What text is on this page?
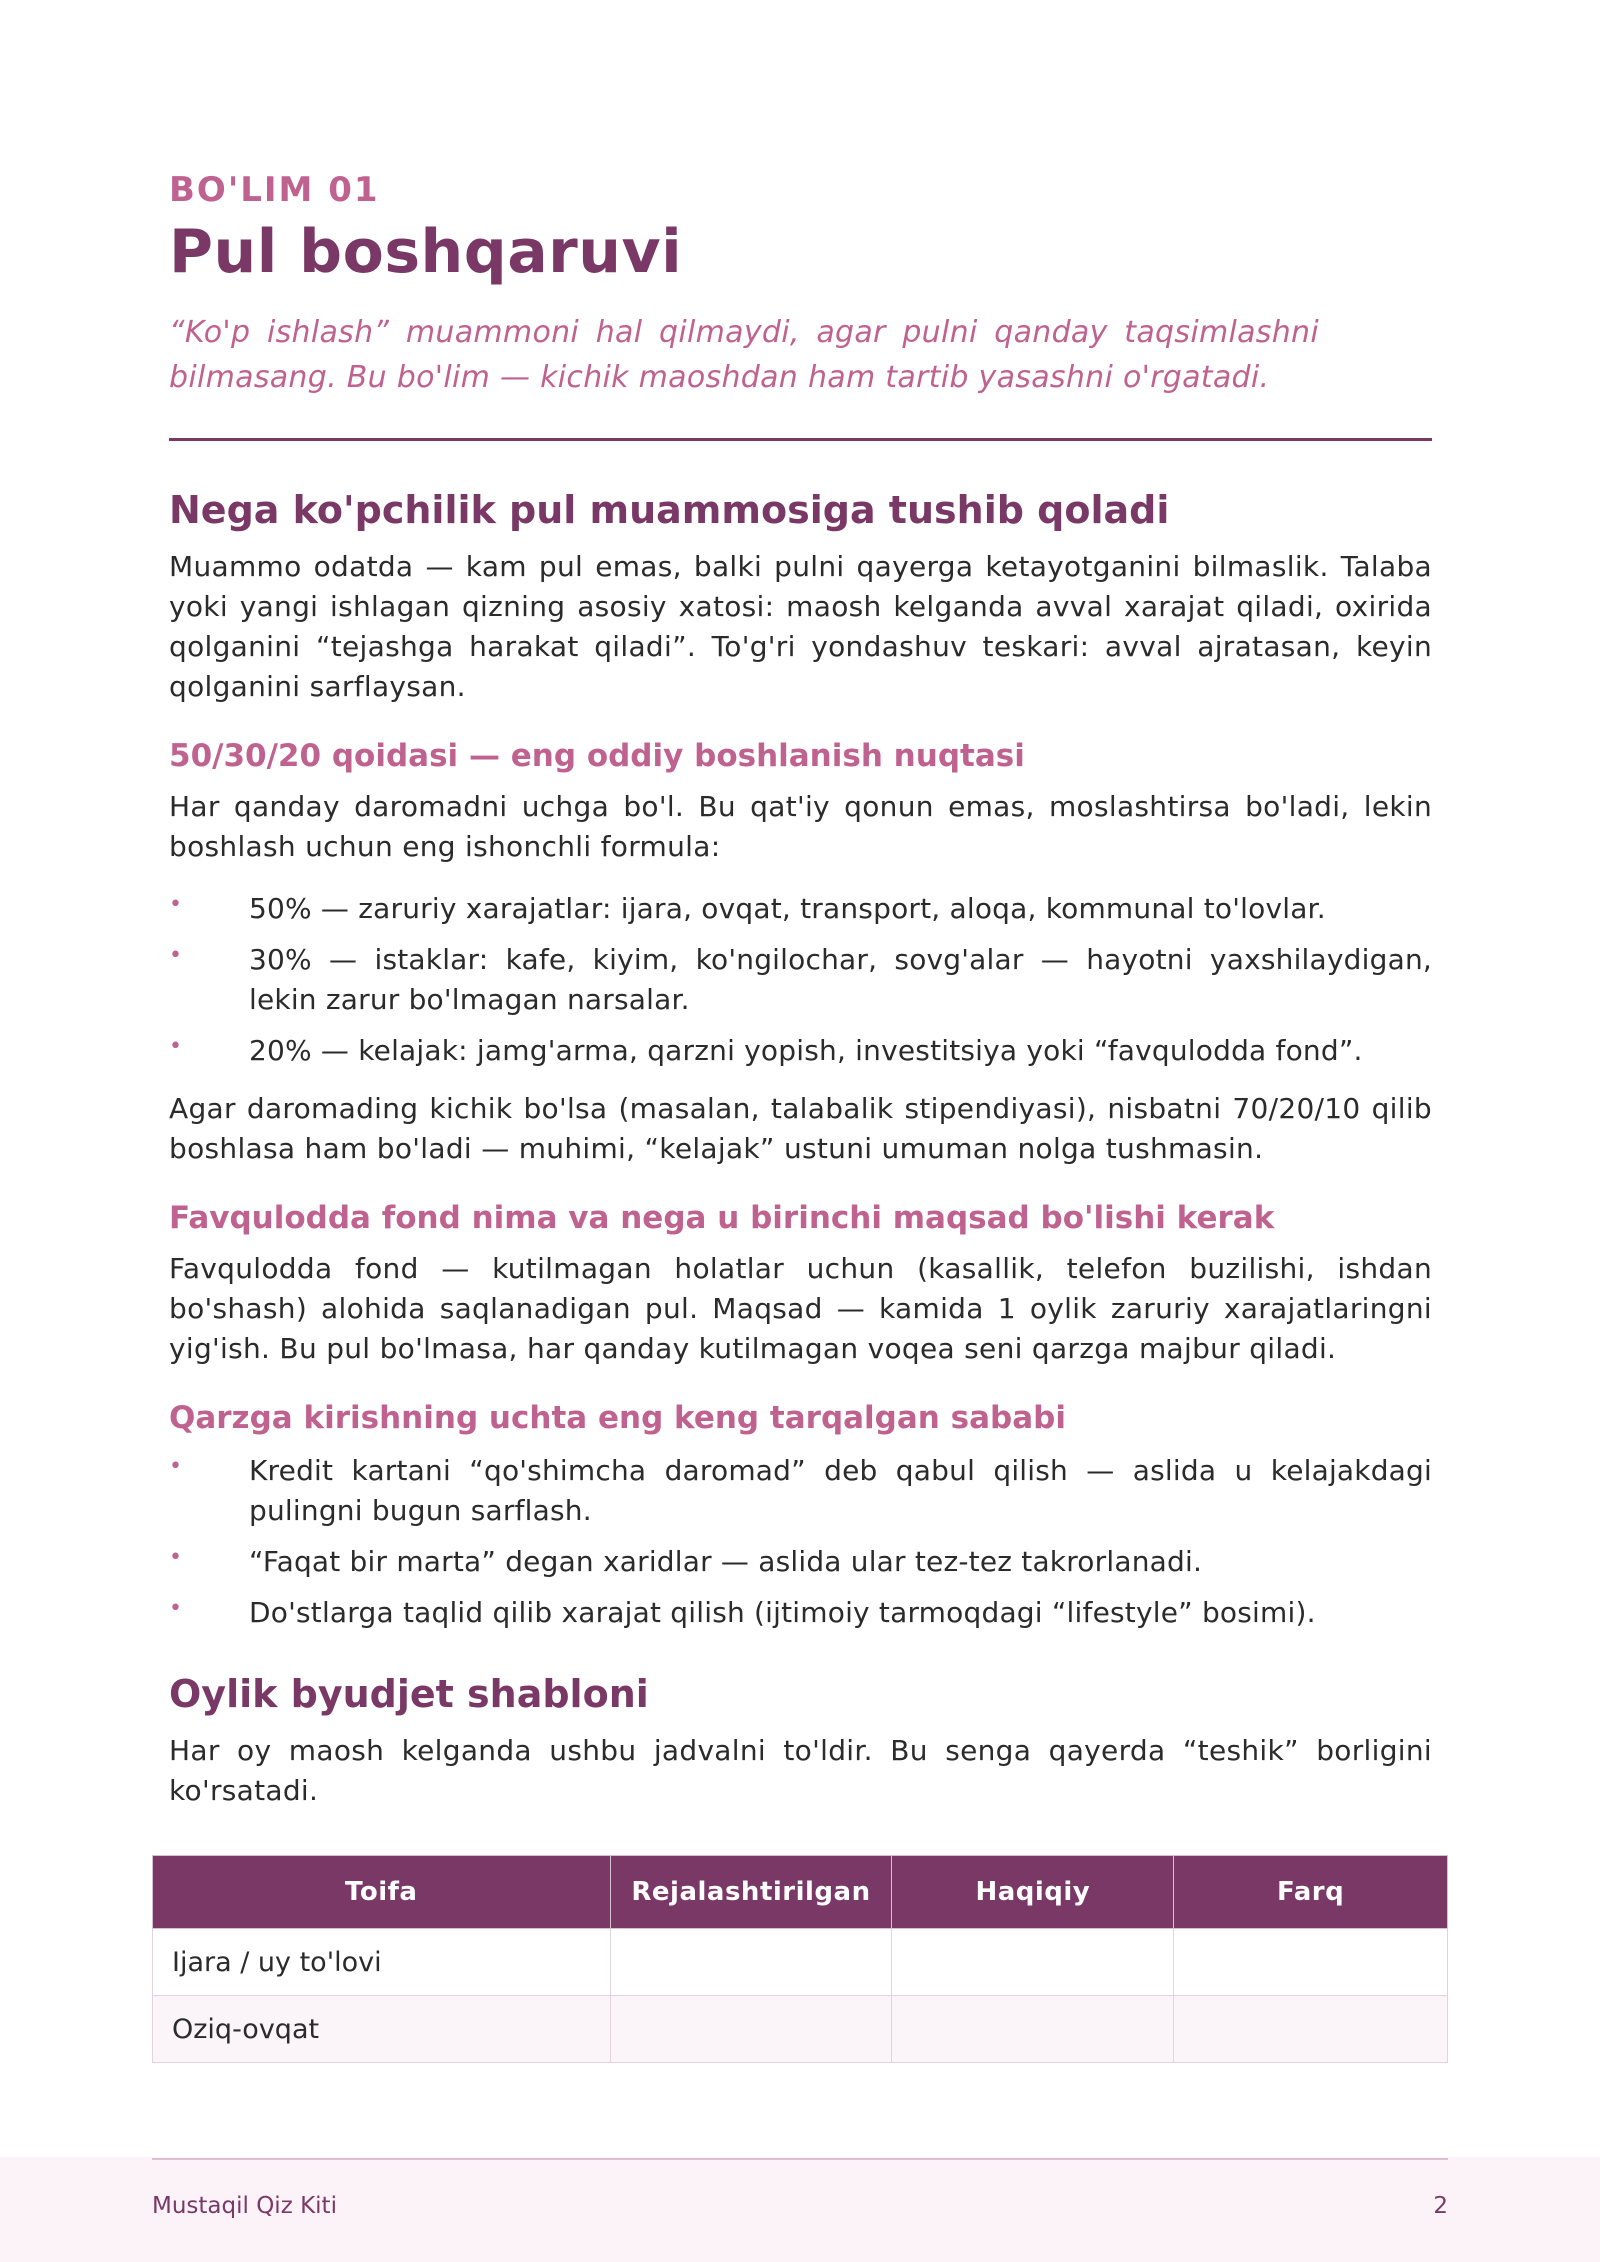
BO'LIM 01

Pul boshqaruvi

“Ko'p ishlash” muammoni hal qilmaydi, agar pulni qanday taqsimlashni bilmasang. Bu bo'lim — kichik maoshdan ham tartib yasashni o'rgatadi.

Nega ko'pchilik pul muammosiga tushib qoladi

Muammo odatda — kam pul emas, balki pulni qayerga ketayotganini bilmaslik. Talaba yoki yangi ishlagan qizning asosiy xatosi: maosh kelganda avval xarajat qiladi, oxirida qolganini “tejashga harakat qiladi”. To'g'ri yondashuv teskari: avval ajratasan, keyin qolganini sarflaysan.

50/30/20 qoidasi — eng oddiy boshlanish nuqtasi

Har qanday daromadni uchga bo'l. Bu qat'iy qonun emas, moslashtirsa bo'ladi, lekin boshlash uchun eng ishonchli formula:

• 50% — zaruriy xarajatlar: ijara, ovqat, transport, aloqa, kommunal to'lovlar.
• 30% — istaklar: kafe, kiyim, ko'ngilochar, sovg'alar — hayotni yaxshilaydigan, lekin zarur bo'lmagan narsalar.
• 20% — kelajak: jamg'arma, qarzni yopish, investitsiya yoki “favqulodda fond”.

Agar daromading kichik bo'lsa (masalan, talabalik stipendiyasi), nisbatni 70/20/10 qilib boshlasa ham bo'ladi — muhimi, “kelajak” ustuni umuman nolga tushmasin.

Favqulodda fond nima va nega u birinchi maqsad bo'lishi kerak

Favqulodda fond — kutilmagan holatlar uchun (kasallik, telefon buzilishi, ishdan bo'shash) alohida saqlanadigan pul. Maqsad — kamida 1 oylik zaruriy xarajatlaringni yig'ish. Bu pul bo'lmasa, har qanday kutilmagan voqea seni qarzga majbur qiladi.

Qarzga kirishning uchta eng keng tarqalgan sababi
• Kredit kartani “qo'shimcha daromad” deb qabul qilish — aslida u kelajakdagi pulingni bugun sarflash.
• “Faqat bir marta” degan xaridlar — aslida ular tez-tez takrorlanadi.
• Do'stlarga taqlid qilib xarajat qilish (ijtimoiy tarmoqdagi “lifestyle” bosimi).
Oylik byudjet shabloni

Har oy maosh kelganda ushbu jadvalni to'ldir. Bu senga qayerda “teshik” borligini ko'rsatadi.

Toifa	Rejalashtirilgan	Haqiqiy	Farq
Ijara / uy to'lovi			
Oziq-ovqat			
Mustaqil Qiz Kiti	2
